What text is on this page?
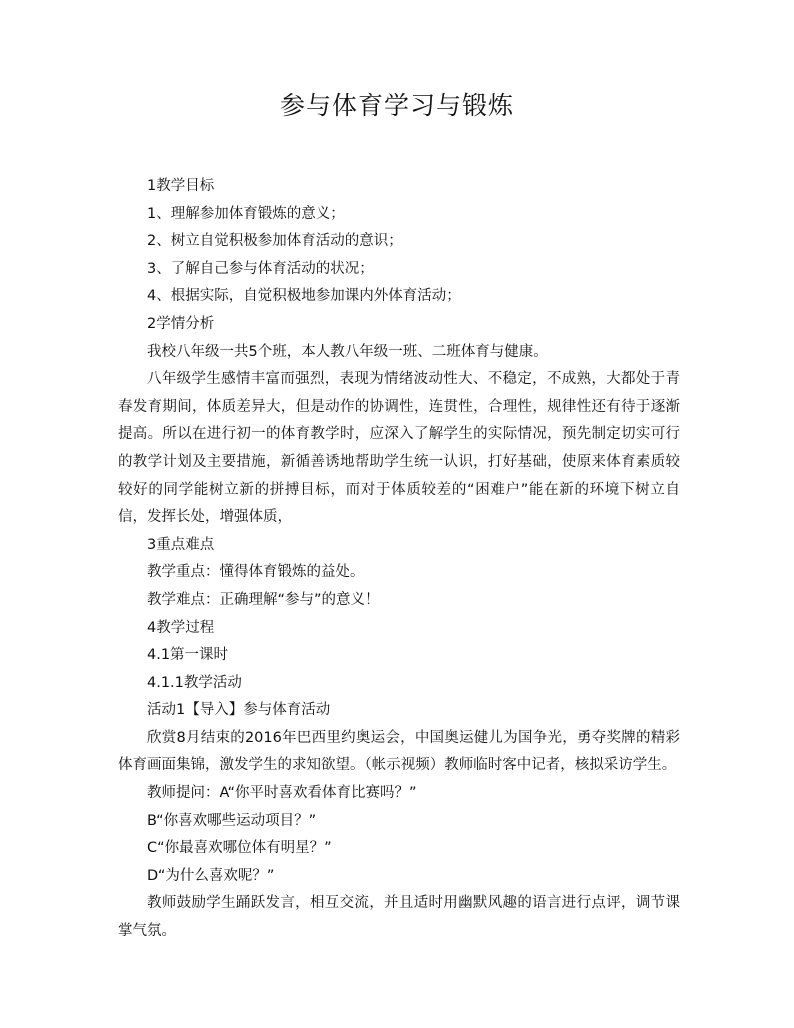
参与体育学习与锻炼

1教学目标

1、理解参加体育锻炼的意义；

2、树立自觉积极参加体育活动的意识；

3、了解自己参与体育活动的状况；

4、根据实际，自觉积极地参加课内外体育活动；

2学情分析

我校八年级一共5个班，本人教八年级一班、二班体育与健康。

八年级学生感情丰富而强烈，表现为情绪波动性大、不稳定，不成熟，大都处于青春发育期间，体质差异大，但是动作的协调性，连贯性，合理性，规律性还有待于逐渐提高。所以在进行初一的体育教学时，应深入了解学生的实际情况，预先制定切实可行的教学计划及主要措施，新循善诱地帮助学生统一认识，打好基础，使原来体育素质较较好的同学能树立新的拼搏目标，而对于体质较差的“困难户”能在新的环境下树立自信，发挥长处，增强体质，

3重点难点

教学重点：懂得体育锻炼的益处。

教学难点：正确理解“参与”的意义！

4教学过程

4.1第一课时

4.1.1教学活动

活动1【导入】参与体育活动

欣赏8月结束的2016年巴西里约奥运会，中国奥运健儿为国争光，勇夺奖牌的精彩体育画面集锦，激发学生的求知欲望。（帐示视频）教师临时客中记者，核拟采访学生。

教师提问：A“你平时喜欢看体育比赛吗？”

B“你喜欢哪些运动项目？”

C“你最喜欢哪位体有明星？”

D“为什么喜欢呢？”

教师鼓励学生踊跃发言，相互交流，并且适时用幽默风趣的语言进行点评，调节课掌气氛。
